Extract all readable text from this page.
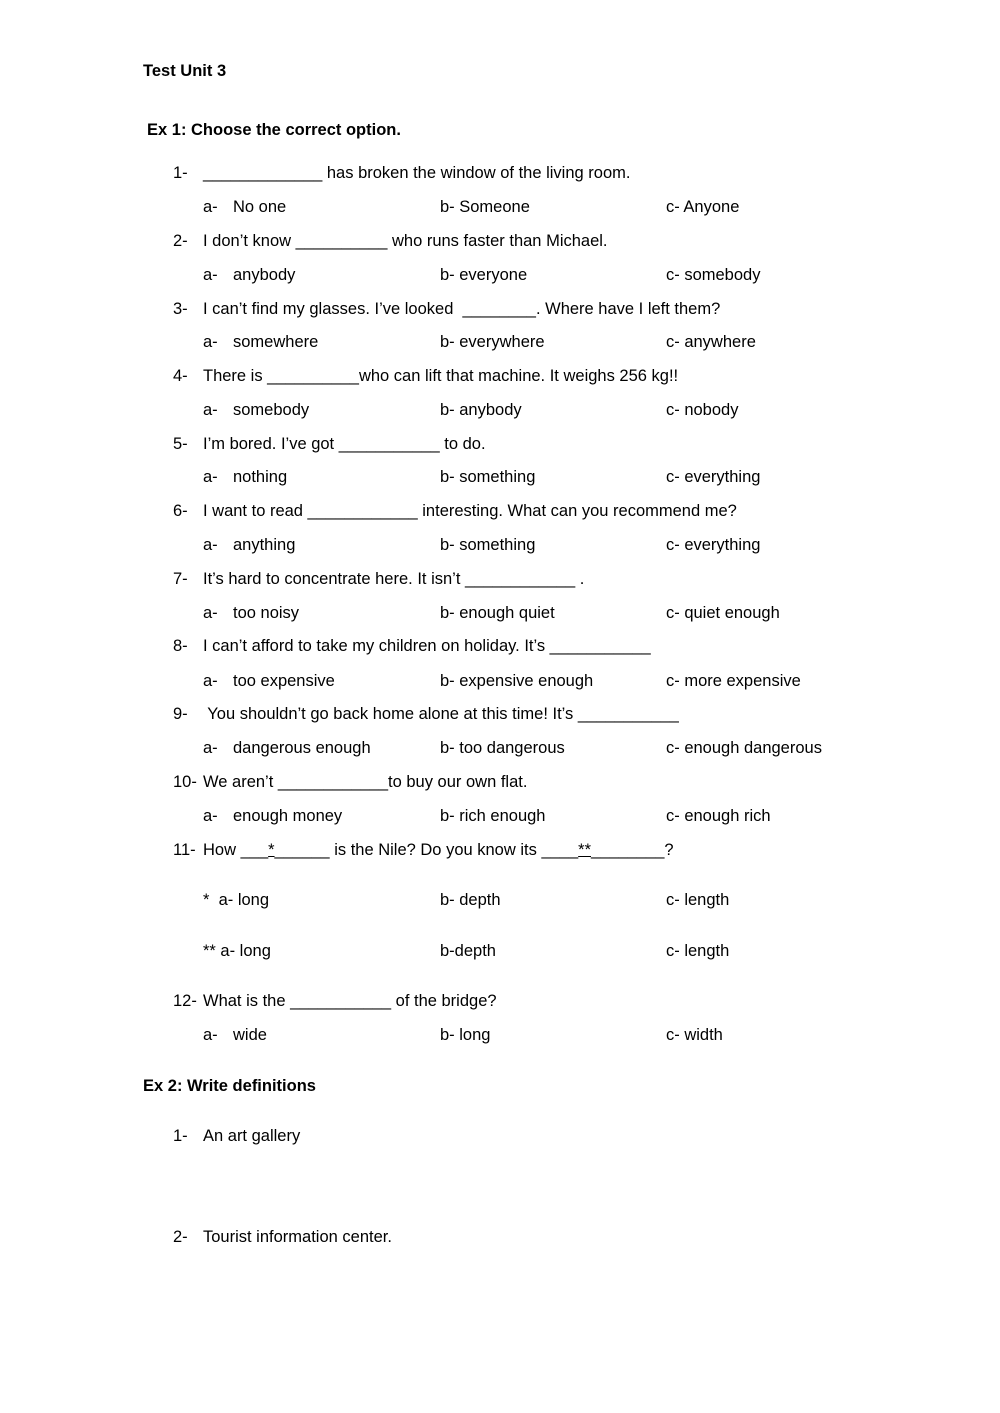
Test Unit 3
Ex 1: Choose the correct option.
1- _____________ has broken the window of the living room.
a- No one	b- Someone	c- Anyone
2- I don’t know __________ who runs faster than Michael.
a- anybody	b- everyone	c- somebody
3- I can’t find my glasses. I’ve looked  ________. Where have I left them?
a- somewhere	b- everywhere	c- anywhere
4- There is __________who can lift that machine. It weighs 256 kg!!
a- somebody	b- anybody	c- nobody
5- I’m bored. I’ve got ___________ to do.
a- nothing	b- something	c- everything
6- I want to read ____________ interesting. What can you recommend me?
a- anything	b- something	c- everything
7- It’s hard to concentrate here. It isn’t ____________ .
a- too noisy	b- enough quiet	c- quiet enough
8- I can’t afford to take my children on holiday. It’s ___________
a- too expensive	b- expensive enough	c- more expensive
9- You shouldn’t go back home alone at this time! It’s ___________
a- dangerous enough	b- too dangerous	c- enough dangerous
10- We aren’t ____________to buy our own flat.
a- enough money	b- rich enough	c- enough rich
11- How ___*______ is the Nile? Do you know its ____**________?
*  a- long	b- depth	c- length
** a- long	b-depth	c- length
12- What is the ___________ of the bridge?
a- wide	b- long	c- width
Ex 2: Write definitions
1- An art gallery
2- Tourist information center.
